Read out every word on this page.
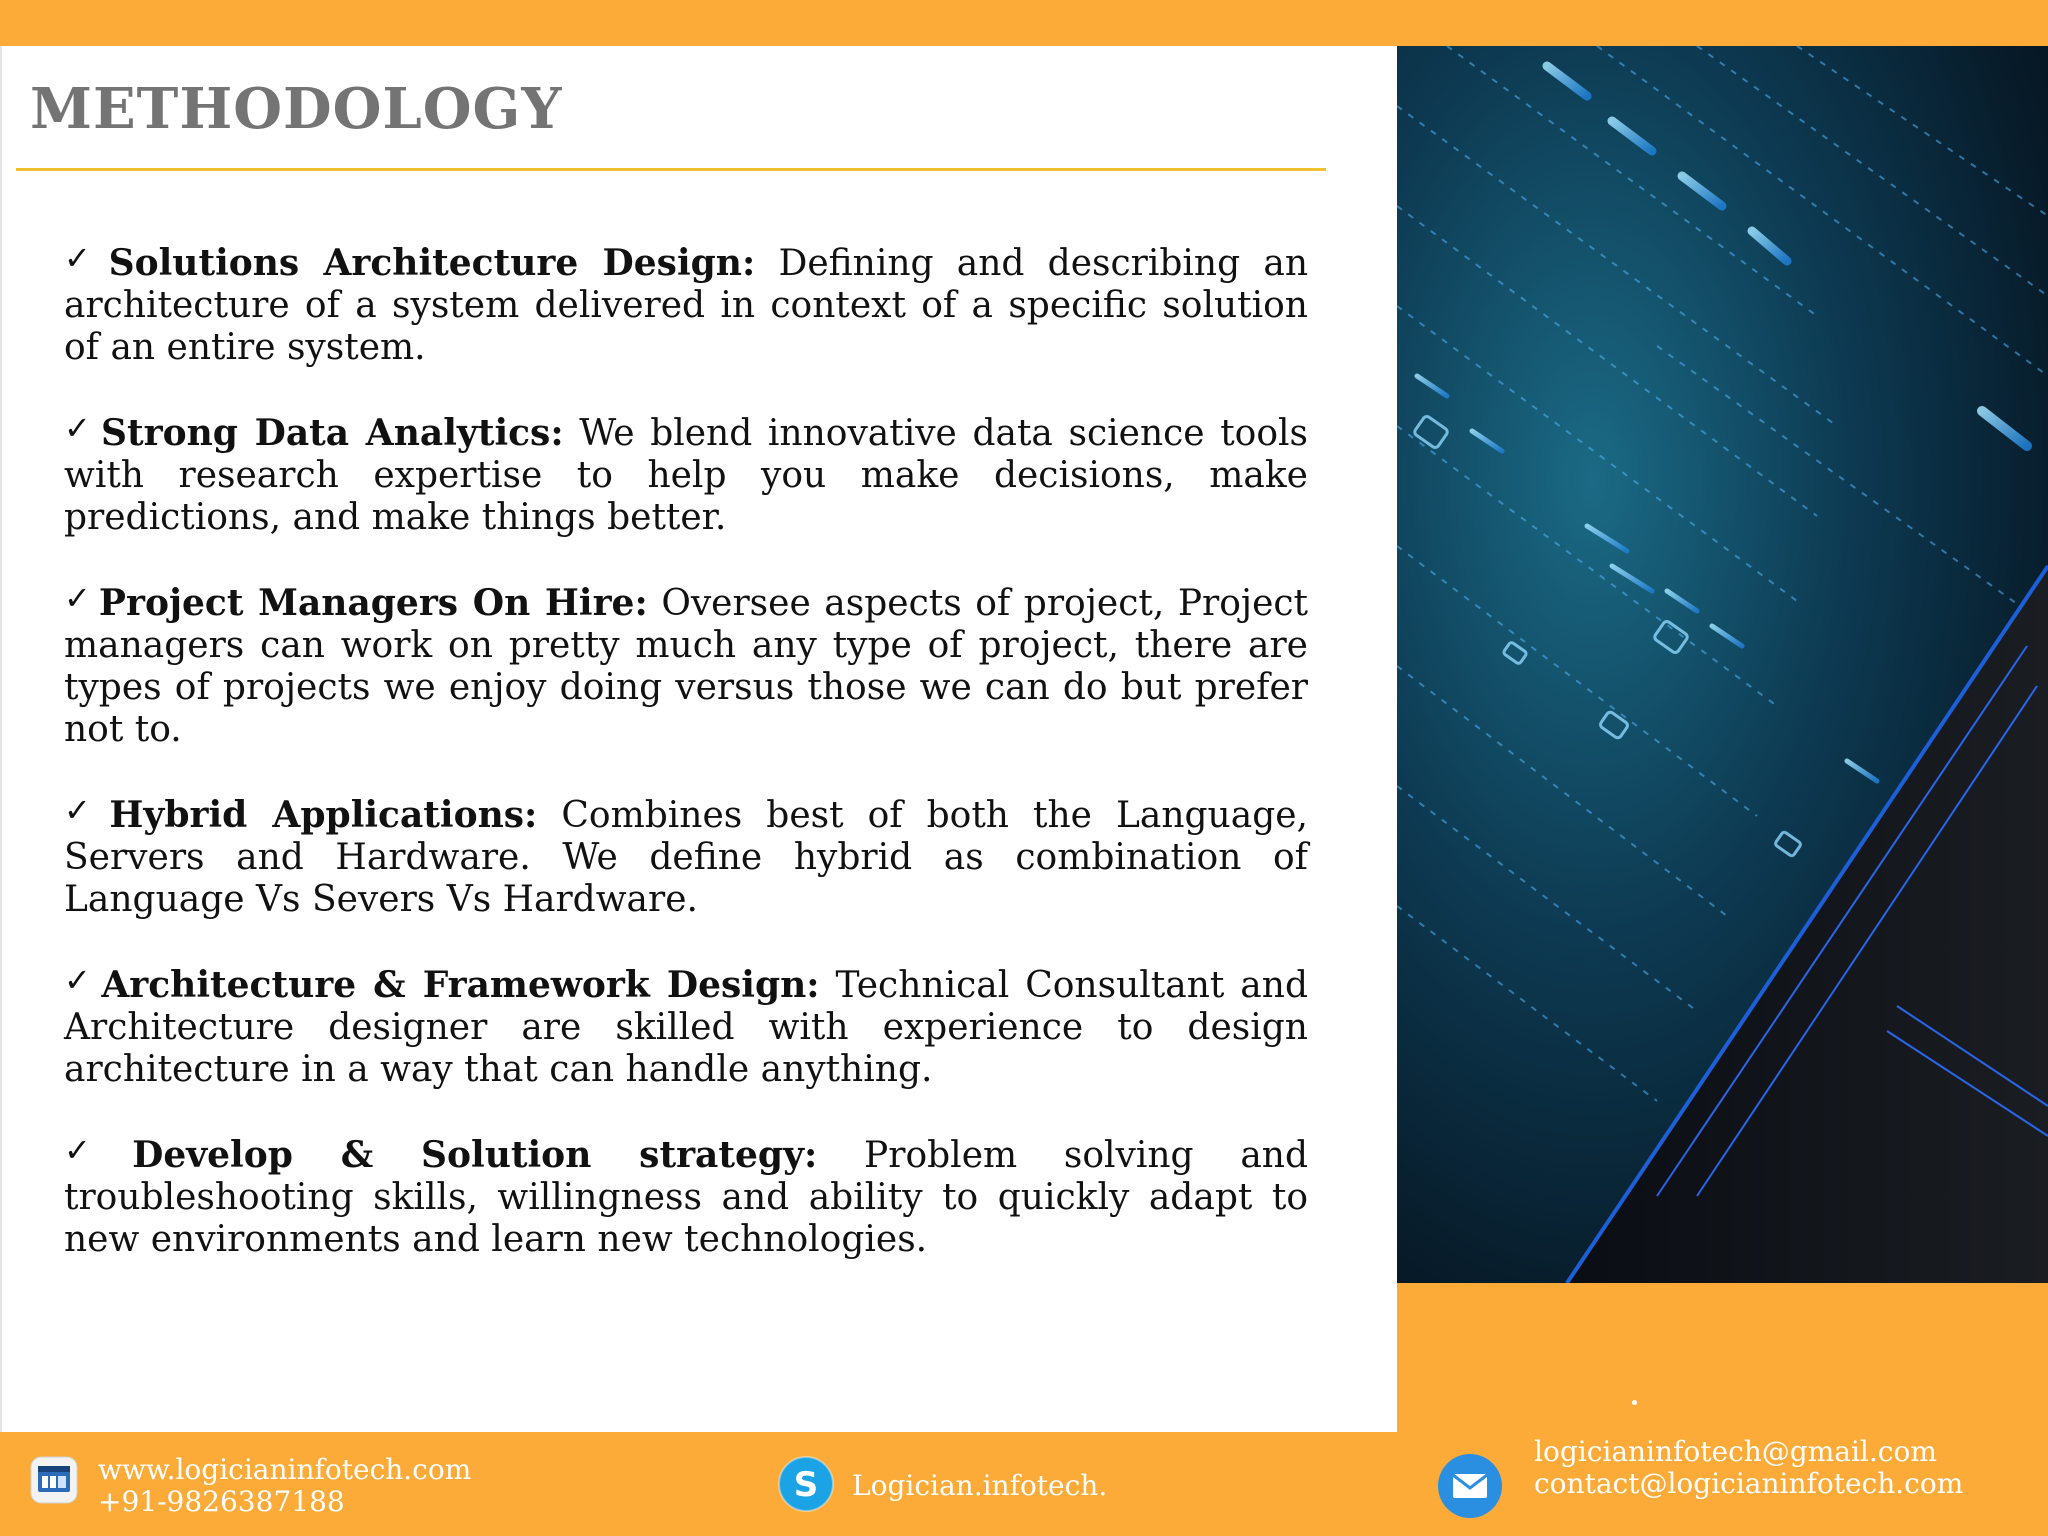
METHODOLOGY

✓ Solutions Architecture Design: Defining and describing an architecture of a system delivered in context of a specific solution of an entire system.

✓ Strong Data Analytics: We blend innovative data science tools with research expertise to help you make decisions, make predictions, and make things better.

✓ Project Managers On Hire: Oversee aspects of project, Project managers can work on pretty much any type of project, there are types of projects we enjoy doing versus those we can do but prefer not to.

✓ Hybrid Applications: Combines best of both the Language, Servers and Hardware. We define hybrid as combination of Language Vs Severs Vs Hardware.

✓ Architecture & Framework Design: Technical Consultant and Architecture designer are skilled with experience to design architecture in a way that can handle anything.

✓ Develop & Solution strategy: Problem solving and troubleshooting skills, willingness and ability to quickly adapt to new environments and learn new technologies.

www.logicianinfotech.com
+91-9826387188	S Logician.infotech.
logicianinfotech@gmail.com
contact@logicianinfotech.com
